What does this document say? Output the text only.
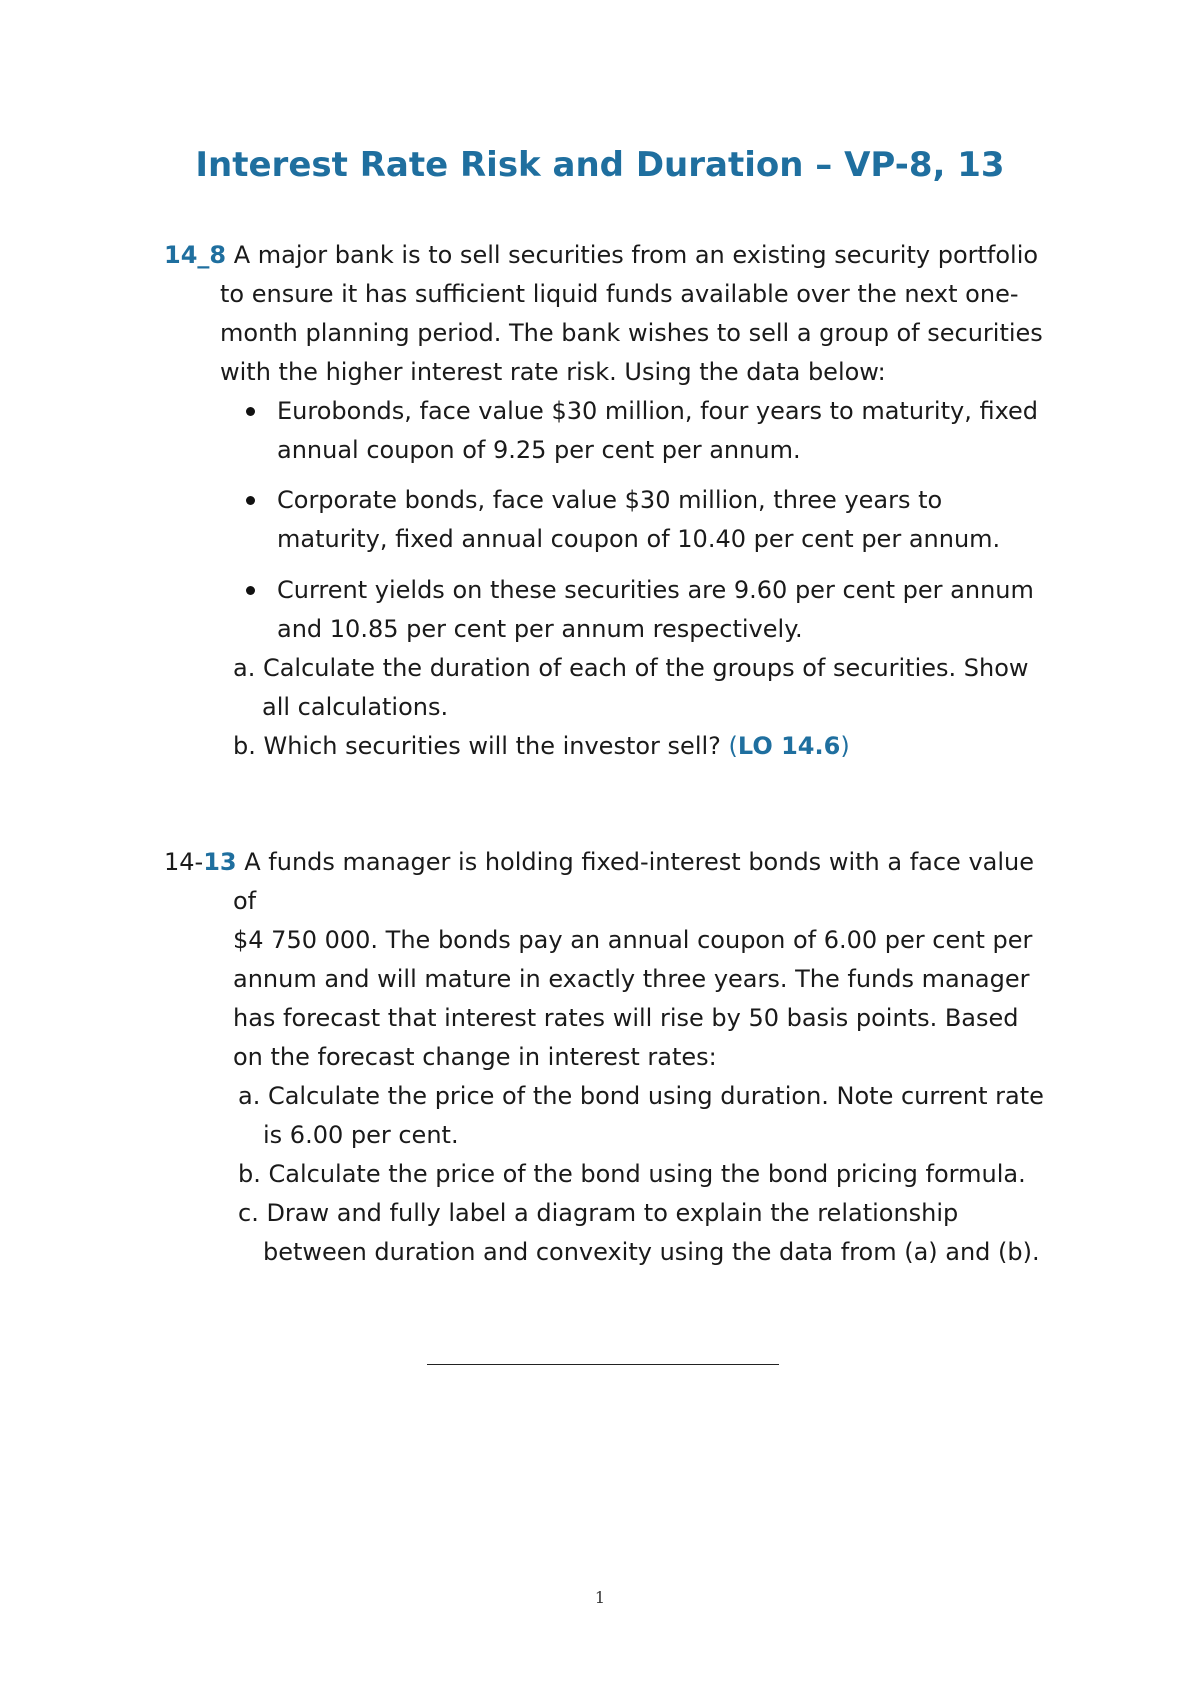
Interest Rate Risk and Duration – VP-8, 13

14_8 A major bank is to sell securities from an existing security portfolio

to ensure it has sufficient liquid funds available over the next one-

month planning period. The bank wishes to sell a group of securities

with the higher interest rate risk. Using the data below:

Eurobonds, face value $30 million, four years to maturity, fixed

annual coupon of 9.25 per cent per annum.

Corporate bonds, face value $30 million, three years to

maturity, fixed annual coupon of 10.40 per cent per annum.

Current yields on these securities are 9.60 per cent per annum

and 10.85 per cent per annum respectively.

a. Calculate the duration of each of the groups of securities. Show

all calculations.

b. Which securities will the investor sell? (LO 14.6)

14-13 A funds manager is holding fixed-interest bonds with a face value

of

$4 750 000. The bonds pay an annual coupon of 6.00 per cent per

annum and will mature in exactly three years. The funds manager

has forecast that interest rates will rise by 50 basis points. Based

on the forecast change in interest rates:

a. Calculate the price of the bond using duration. Note current rate

is 6.00 per cent.

b. Calculate the price of the bond using the bond pricing formula.

c. Draw and fully label a diagram to explain the relationship

between duration and convexity using the data from (a) and (b).

1
